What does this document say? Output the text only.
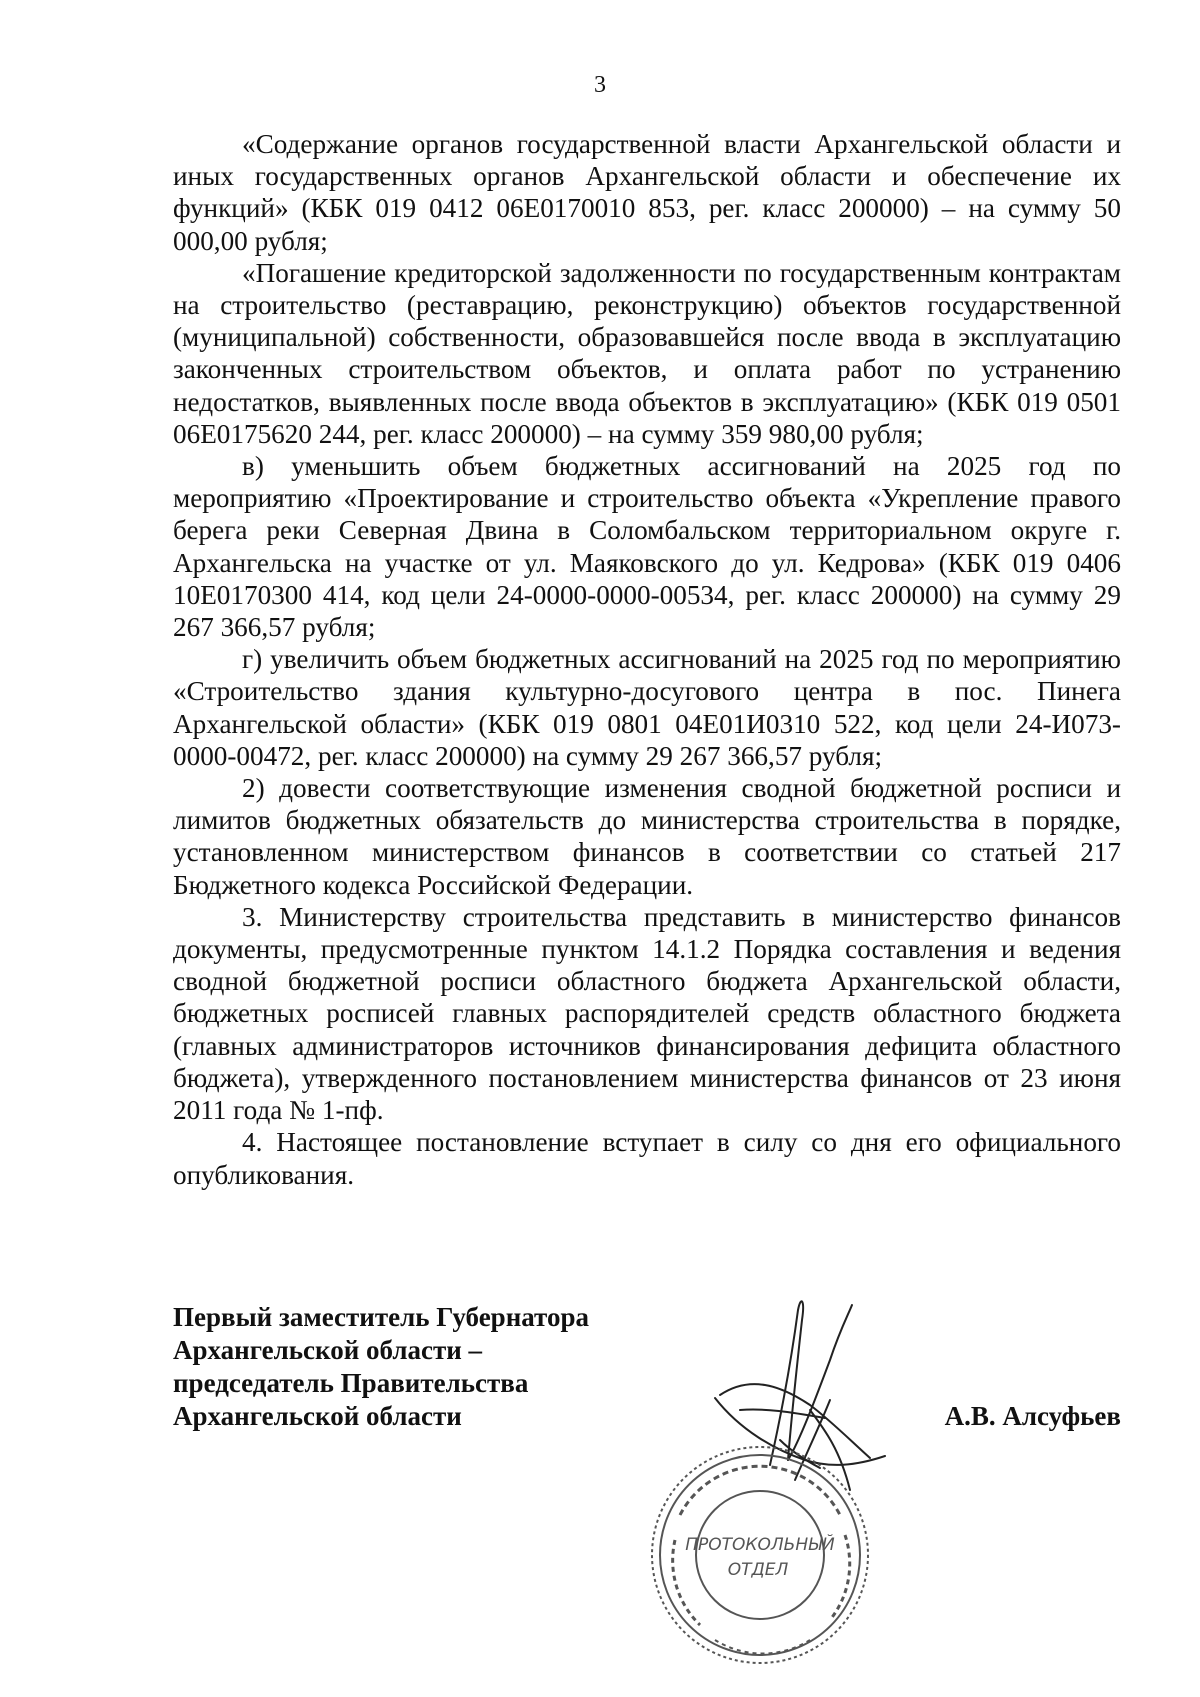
3

«Содержание органов государственной власти Архангельской области и иных государственных органов Архангельской области и обеспечение их функций» (КБК 019 0412 06Е0170010 853, рег. класс 200000) – на сумму 50 000,00 рубля;

«Погашение кредиторской задолженности по государственным контрактам на строительство (реставрацию, реконструкцию) объектов государственной (муниципальной) собственности, образовавшейся после ввода в эксплуатацию законченных строительством объектов, и оплата работ по устранению недостатков, выявленных после ввода объектов в эксплуатацию» (КБК 019 0501 06Е0175620 244, рег. класс 200000) – на сумму 359 980,00 рубля;

в) уменьшить объем бюджетных ассигнований на 2025 год по мероприятию «Проектирование и строительство объекта «Укрепление правого берега реки Северная Двина в Соломбальском территориальном округе г. Архангельска на участке от ул. Маяковского до ул. Кедрова» (КБК 019 0406 10Е0170300 414, код цели 24-0000-0000-00534, рег. класс 200000) на сумму 29 267 366,57 рубля;

г) увеличить объем бюджетных ассигнований на 2025 год по мероприятию «Строительство здания культурно-досугового центра в пос. Пинега Архангельской области» (КБК 019 0801 04Е01И0310 522, код цели 24-И073-0000-00472, рег. класс 200000) на сумму 29 267 366,57 рубля;

2) довести соответствующие изменения сводной бюджетной росписи и лимитов бюджетных обязательств до министерства строительства в порядке, установленном министерством финансов в соответствии со статьей 217 Бюджетного кодекса Российской Федерации.

3. Министерству строительства представить в министерство финансов документы, предусмотренные пунктом 14.1.2 Порядка составления и ведения сводной бюджетной росписи областного бюджета Архангельской области, бюджетных росписей главных распорядителей средств областного бюджета (главных администраторов источников финансирования дефицита областного бюджета), утвержденного постановлением министерства финансов от 23 июня 2011 года № 1-пф.

4. Настоящее постановление вступает в силу со дня его официального опубликования.

Первый заместитель Губернатора
Архангельской области –
председатель Правительства
Архангельской области
ПРОТОКОЛЬНЫЙ
ОТДЕЛ
А.В. Алсуфьев
